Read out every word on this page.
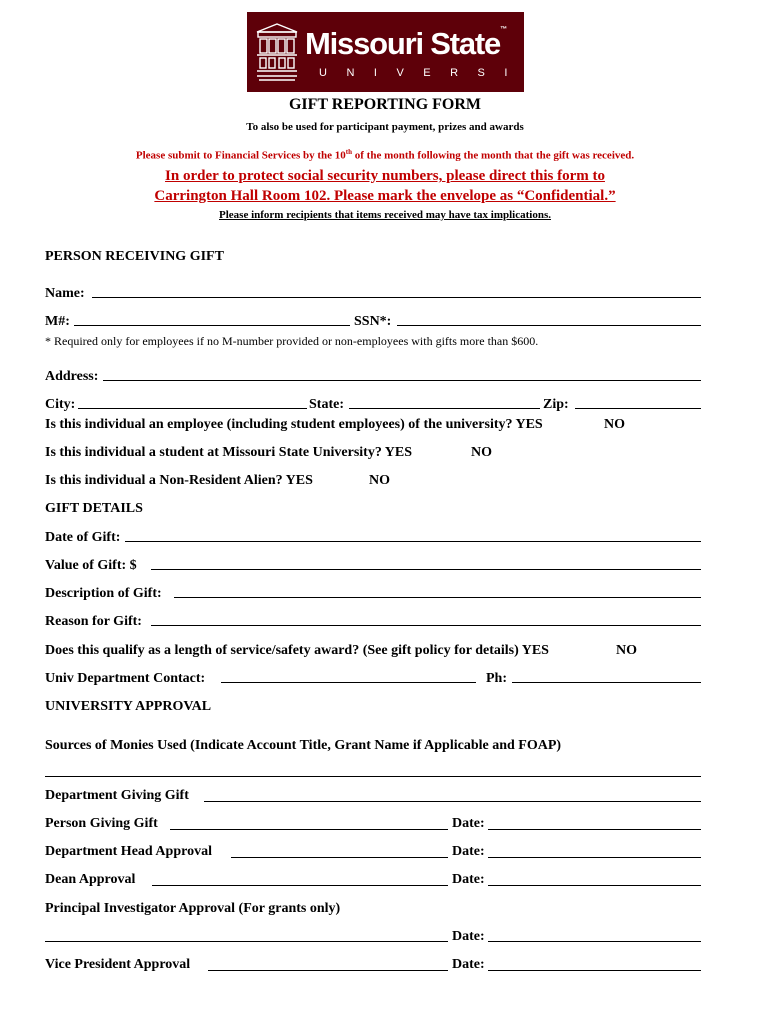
Missouri State™
UNIVERSITY
GIFT REPORTING FORM
To also be used for participant payment, prizes and awards
Please submit to Financial Services by the 10th of the month following the month that the gift was received.
In order to protect social security numbers, please direct this form to
Carrington Hall Room 102. Please mark the envelope as “Confidential.”
Please inform recipients that items received may have tax implications.
PERSON RECEIVING GIFT
Name:
M#:	SSN*:
* Required only for employees if no M-number provided or non-employees with gifts more than $600.
Address:
City:	State:	Zip:
Is this individual an employee (including student employees) of the university? YES	NO
Is this individual a student at Missouri State University? YES	NO
Is this individual a Non-Resident Alien? YES	NO
GIFT DETAILS
Date of Gift:
Value of Gift: $
Description of Gift:
Reason for Gift:
Does this qualify as a length of service/safety award? (See gift policy for details) YES	NO
Univ Department Contact:	Ph:
UNIVERSITY APPROVAL
Sources of Monies Used (Indicate Account Title, Grant Name if Applicable and FOAP)
Department Giving Gift
Person Giving Gift	Date:
Department Head Approval	Date:
Dean Approval	Date:
Principal Investigator Approval (For grants only)
Date:
Vice President Approval	Date:
